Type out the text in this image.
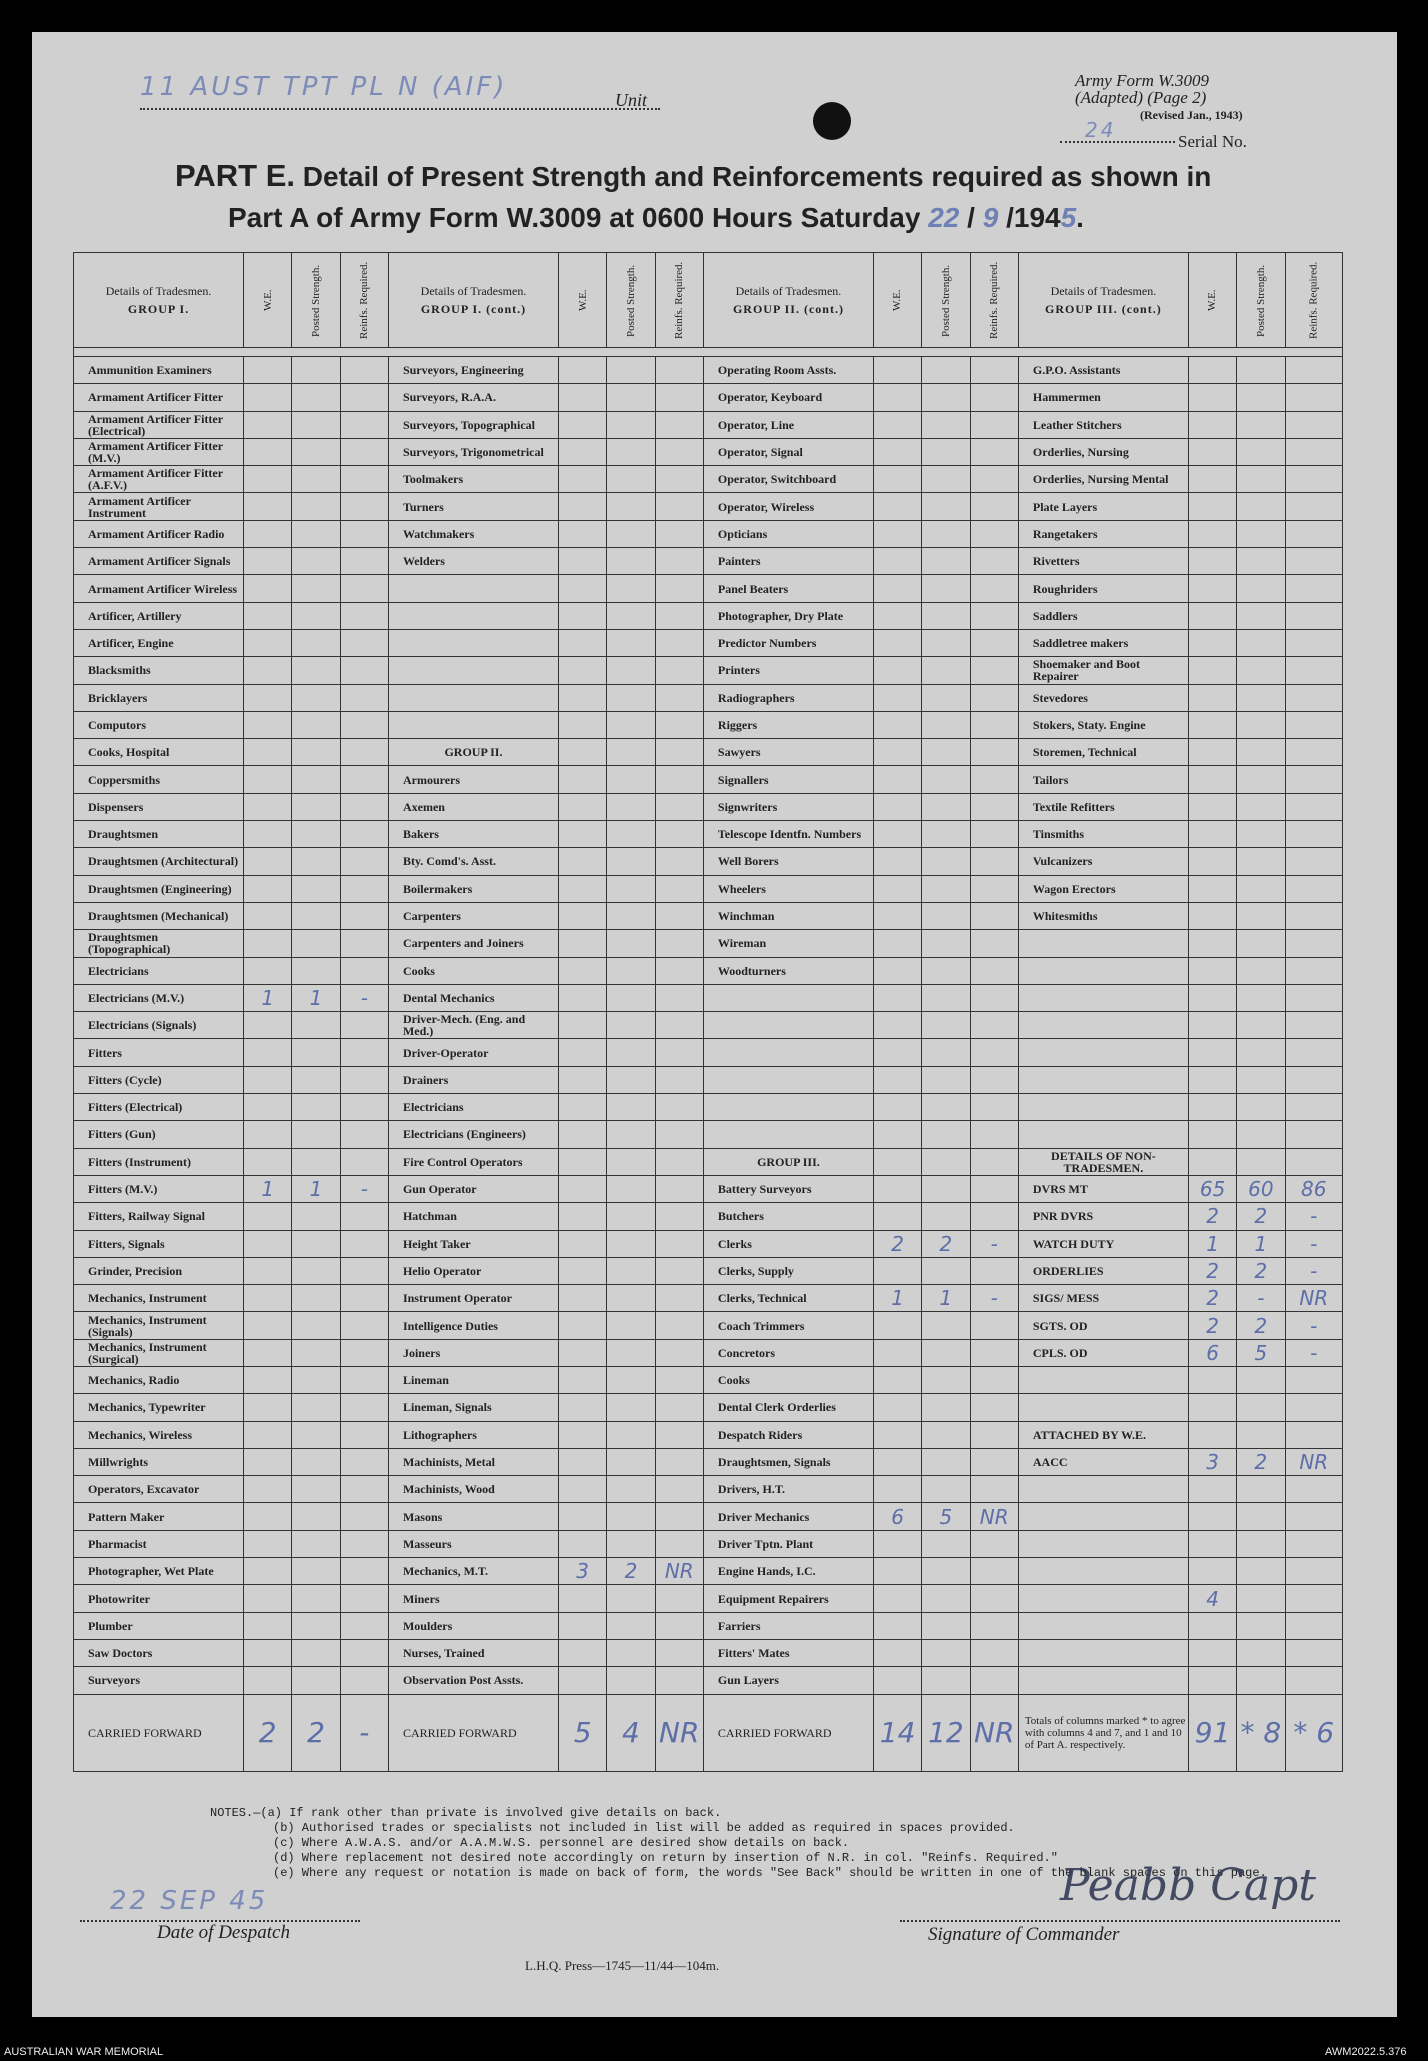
11 AUST TPT PL N (AIF)	Unit
Army Form W.3009
(Adapted) (Page 2)
(Revised Jan., 1943)
24	Serial No.
PART E. Detail of Present Strength and Reinforcements required as shown in
Part A of Army Form W.3009 at 0600 Hours Saturday 22 / 9 /1945.
Details of Tradesmen.
GROUP I.	W.E.	Posted Strength.	Reinfs. Required.	Details of Tradesmen.
GROUP I. (cont.)	W.E.	Posted Strength.	Reinfs. Required.	Details of Tradesmen.
GROUP II. (cont.)	W.E.	Posted Strength.	Reinfs. Required.	Details of Tradesmen.
GROUP III. (cont.)	W.E.	Posted Strength.	Reinfs. Required.

Ammunition Examiners				Surveyors, Engineering				Operating Room Assts.				G.P.O. Assistants			
Armament Artificer Fitter				Surveyors, R.A.A.				Operator, Keyboard				Hammermen			
Armament Artificer Fitter (Electrical)				Surveyors, Topographical				Operator, Line				Leather Stitchers			
Armament Artificer Fitter (M.V.)				Surveyors, Trigonometrical				Operator, Signal				Orderlies, Nursing			
Armament Artificer Fitter (A.F.V.)				Toolmakers				Operator, Switchboard				Orderlies, Nursing Mental			
Armament Artificer Instrument				Turners				Operator, Wireless				Plate Layers			
Armament Artificer Radio				Watchmakers				Opticians				Rangetakers			
Armament Artificer Signals				Welders				Painters				Rivetters			
Armament Artificer Wireless								Panel Beaters				Roughriders			
Artificer, Artillery								Photographer, Dry Plate				Saddlers			
Artificer, Engine								Predictor Numbers				Saddletree makers			
Blacksmiths								Printers				Shoemaker and Boot Repairer			
Bricklayers								Radiographers				Stevedores			
Computors								Riggers				Stokers, Staty. Engine			
Cooks, Hospital				GROUP II.				Sawyers				Storemen, Technical			
Coppersmiths				Armourers				Signallers				Tailors			
Dispensers				Axemen				Signwriters				Textile Refitters			
Draughtsmen				Bakers				Telescope Identfn. Numbers				Tinsmiths			
Draughtsmen (Architectural)				Bty. Comd's. Asst.				Well Borers				Vulcanizers			
Draughtsmen (Engineering)				Boilermakers				Wheelers				Wagon Erectors			
Draughtsmen (Mechanical)				Carpenters				Winchman				Whitesmiths			
Draughtsmen (Topographical)				Carpenters and Joiners				Wireman							
Electricians				Cooks				Woodturners							
Electricians (M.V.)	1	1	-	Dental Mechanics											
Electricians (Signals)				Driver-Mech. (Eng. and Med.)											
Fitters				Driver-Operator											
Fitters (Cycle)				Drainers											
Fitters (Electrical)				Electricians											
Fitters (Gun)				Electricians (Engineers)											
Fitters (Instrument)				Fire Control Operators				GROUP III.				DETAILS OF NON-TRADESMEN.			
Fitters (M.V.)	1	1	-	Gun Operator				Battery Surveyors				DVRS MT	65	60	86
Fitters, Railway Signal				Hatchman				Butchers				PNR DVRS	2	2	-
Fitters, Signals				Height Taker				Clerks	2	2	-	WATCH DUTY	1	1	-
Grinder, Precision				Helio Operator				Clerks, Supply				ORDERLIES	2	2	-
Mechanics, Instrument				Instrument Operator				Clerks, Technical	1	1	-	SIGS/ MESS	2	-	NR
Mechanics, Instrument (Signals)				Intelligence Duties				Coach Trimmers				SGTS. OD	2	2	-
Mechanics, Instrument (Surgical)				Joiners				Concretors				CPLS. OD	6	5	-
Mechanics, Radio				Lineman				Cooks							
Mechanics, Typewriter				Lineman, Signals				Dental Clerk Orderlies							
Mechanics, Wireless				Lithographers				Despatch Riders				ATTACHED BY W.E.			
Millwrights				Machinists, Metal				Draughtsmen, Signals				AACC	3	2	NR
Operators, Excavator				Machinists, Wood				Drivers, H.T.							
Pattern Maker				Masons				Driver Mechanics	6	5	NR				
Pharmacist				Masseurs				Driver Tptn. Plant							
Photographer, Wet Plate				Mechanics, M.T.	3	2	NR	Engine Hands, I.C.							
Photowriter				Miners				Equipment Repairers					4		
Plumber				Moulders				Farriers							
Saw Doctors				Nurses, Trained				Fitters' Mates							
Surveyors				Observation Post Assts.				Gun Layers							
CARRIED FORWARD	2	2	-	CARRIED FORWARD	5	4	NR	CARRIED FORWARD	14	12	NR	Totals of columns marked * to agree with columns 4 and 7, and 1 and 10 of Part A. respectively.	91	* 8	* 6
NOTES.—(a) If rank other than private is involved give details on back.
(b) Authorised trades or specialists not included in list will be added as required in spaces provided.
(c) Where A.W.A.S. and/or A.A.M.W.S. personnel are desired show details on back.
(d) Where replacement not desired note accordingly on return by insertion of N.R. in col. "Reinfs. Required."
(e) Where any request or notation is made on back of form, the words "See Back" should be written in one of the blank spaces on this page.
22 SEP 45
Date of Despatch
Peabb Capt
Signature of Commander
L.H.Q. Press—1745—11/44—104m.
AUSTRALIAN WAR MEMORIAL	AWM2022.5.376
